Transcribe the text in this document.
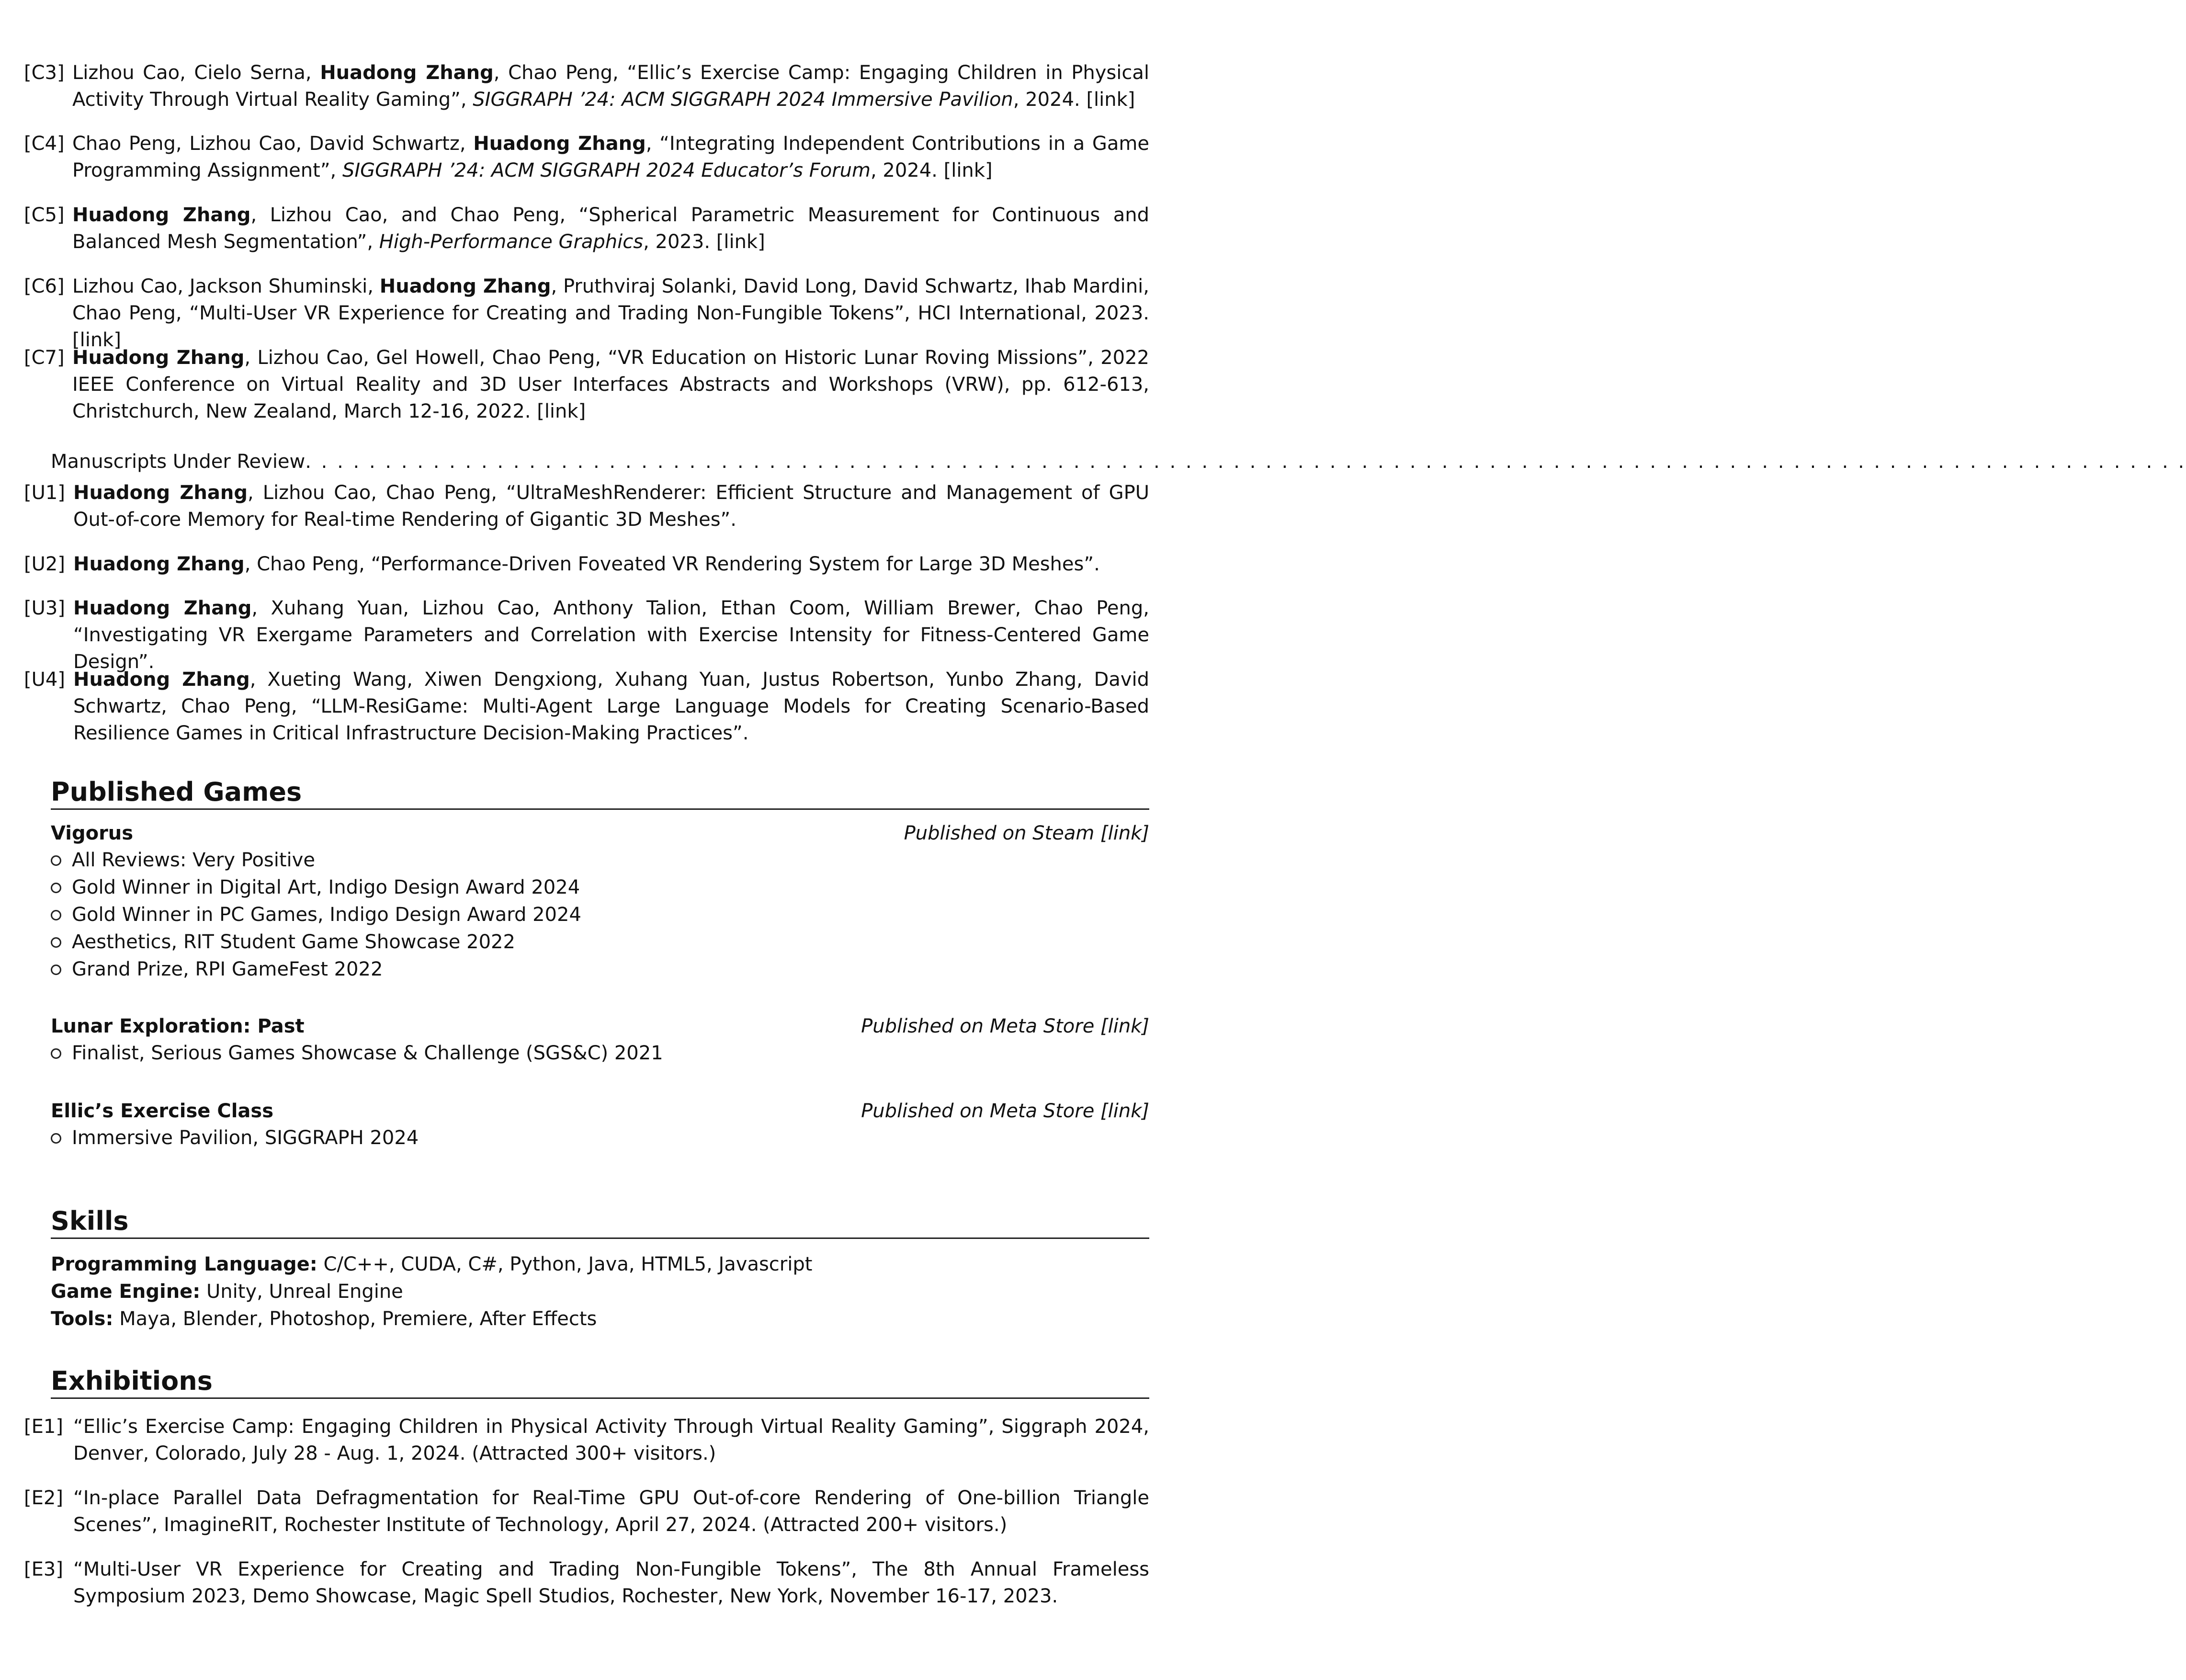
[C3] Lizhou Cao, Cielo Serna, Huadong Zhang, Chao Peng, “Ellic’s Exercise Camp: Engaging Children in Physical Activity Through Virtual Reality Gaming”, SIGGRAPH ’24: ACM SIGGRAPH 2024 Immersive Pavilion, 2024. [link]
[C4] Chao Peng, Lizhou Cao, David Schwartz, Huadong Zhang, “Integrating Independent Contributions in a Game Programming Assignment”, SIGGRAPH ’24: ACM SIGGRAPH 2024 Educator’s Forum, 2024. [link]
[C5] Huadong Zhang, Lizhou Cao, and Chao Peng, “Spherical Parametric Measurement for Continuous and Balanced Mesh Segmentation”, High-Performance Graphics, 2023. [link]
[C6] Lizhou Cao, Jackson Shuminski, Huadong Zhang, Pruthviraj Solanki, David Long, David Schwartz, Ihab Mardini, Chao Peng, “Multi-User VR Experience for Creating and Trading Non-Fungible Tokens”, HCI International, 2023. [link]
[C7] Huadong Zhang, Lizhou Cao, Gel Howell, Chao Peng, “VR Education on Historic Lunar Roving Missions”, 2022 IEEE Conference on Virtual Reality and 3D User Interfaces Abstracts and Workshops (VRW), pp. 612-613, Christchurch, New Zealand, March 12-16, 2022. [link]
Manuscripts Under Review. . . . . . . . . . . . . . . . . . . . . . . . . . . . . . . . . . . . . . . . . . . . . . . . . . . . . . . . . . . . . . . . . . . . . . . . . . . . . . . . . . . . . . . . . . . . . . . . . . . . . . . . . . . . . . . . . . . . . .
[U1] Huadong Zhang, Lizhou Cao, Chao Peng, “UltraMeshRenderer: Efficient Structure and Management of GPU Out-of-core Memory for Real-time Rendering of Gigantic 3D Meshes”.
[U2] Huadong Zhang, Chao Peng, “Performance-Driven Foveated VR Rendering System for Large 3D Meshes”.
[U3] Huadong Zhang, Xuhang Yuan, Lizhou Cao, Anthony Talion, Ethan Coom, William Brewer, Chao Peng, “Investigating VR Exergame Parameters and Correlation with Exercise Intensity for Fitness-Centered Game Design”.
[U4] Huadong Zhang, Xueting Wang, Xiwen Dengxiong, Xuhang Yuan, Justus Robertson, Yunbo Zhang, David Schwartz, Chao Peng, “LLM-ResiGame: Multi-Agent Large Language Models for Creating Scenario-Based Resilience Games in Critical Infrastructure Decision-Making Practices”.
Published Games
Vigorus	Published on Steam [link]
All Reviews: Very Positive
Gold Winner in Digital Art, Indigo Design Award 2024
Gold Winner in PC Games, Indigo Design Award 2024
Aesthetics, RIT Student Game Showcase 2022
Grand Prize, RPI GameFest 2022
Lunar Exploration: Past	Published on Meta Store [link]
Finalist, Serious Games Showcase & Challenge (SGS&C) 2021
Ellic’s Exercise Class	Published on Meta Store [link]
Immersive Pavilion, SIGGRAPH 2024
Skills
Programming Language: C/C++, CUDA, C#, Python, Java, HTML5, Javascript
Game Engine: Unity, Unreal Engine
Tools: Maya, Blender, Photoshop, Premiere, After Effects
Exhibitions
[E1] “Ellic’s Exercise Camp: Engaging Children in Physical Activity Through Virtual Reality Gaming”, Siggraph 2024, Denver, Colorado, July 28 - Aug. 1, 2024. (Attracted 300+ visitors.)
[E2] “In-place Parallel Data Defragmentation for Real-Time GPU Out-of-core Rendering of One-billion Triangle Scenes”, ImagineRIT, Rochester Institute of Technology, April 27, 2024. (Attracted 200+ visitors.)
[E3] “Multi-User VR Experience for Creating and Trading Non-Fungible Tokens”, The 8th Annual Frameless Symposium 2023, Demo Showcase, Magic Spell Studios, Rochester, New York, November 16-17, 2023.
